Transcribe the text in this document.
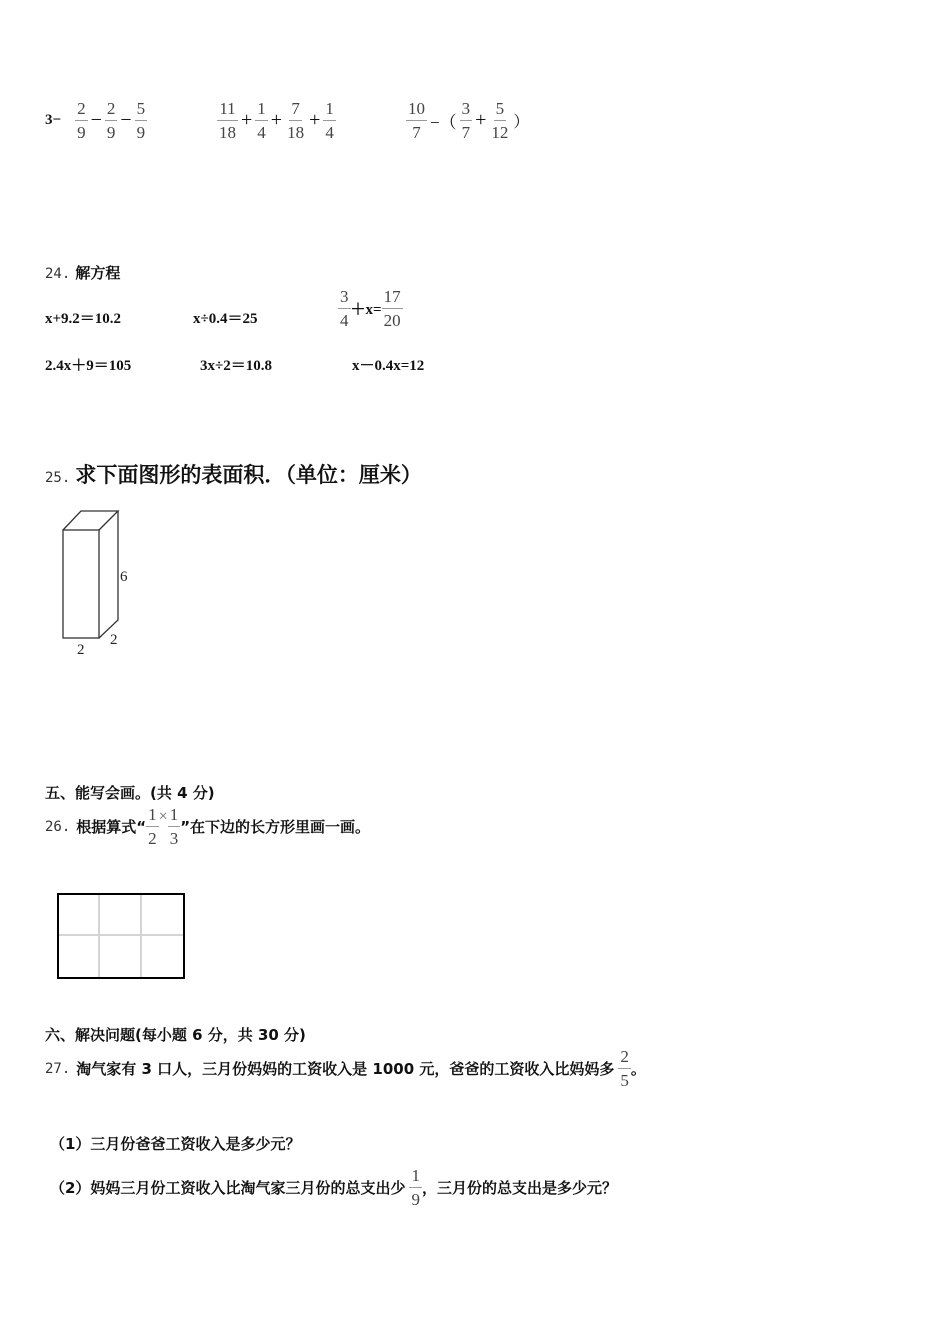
$3- \frac{2}{9} - \frac{2}{9} - \frac{5}{9}$	$\frac{11}{18} + \frac{1}{4} + \frac{7}{18} + \frac{1}{4}$	$\frac{10}{7}$ −（ $\frac{3}{7} + \frac{5}{12}$ ）
24. 解方程
x+9.2＝10.2	x÷0.4＝25	$\frac{3}{4} +x= \frac{17}{20}$
2.4x＋9＝105	3x÷2＝10.8	x－0.4x=12
25. 求下面图形的表面积．（单位：厘米）
6
2
2
五、能写会画。(共 4 分)
26. 根据算式“ $\frac{1}{2} \times \frac{1}{3}$ ”在下边的长方形里画一画。
六、解决问题(每小题 6 分，共 30 分)
27. 淘气家有 3 口人，三月份妈妈的工资收入是 1000 元，爸爸的工资收入比妈妈多 $\frac{2}{5}$ 。
（1）三月份爸爸工资收入是多少元？
（2）妈妈三月份工资收入比淘气家三月份的总支出少 $\frac{1}{9}$ ，三月份的总支出是多少元？
